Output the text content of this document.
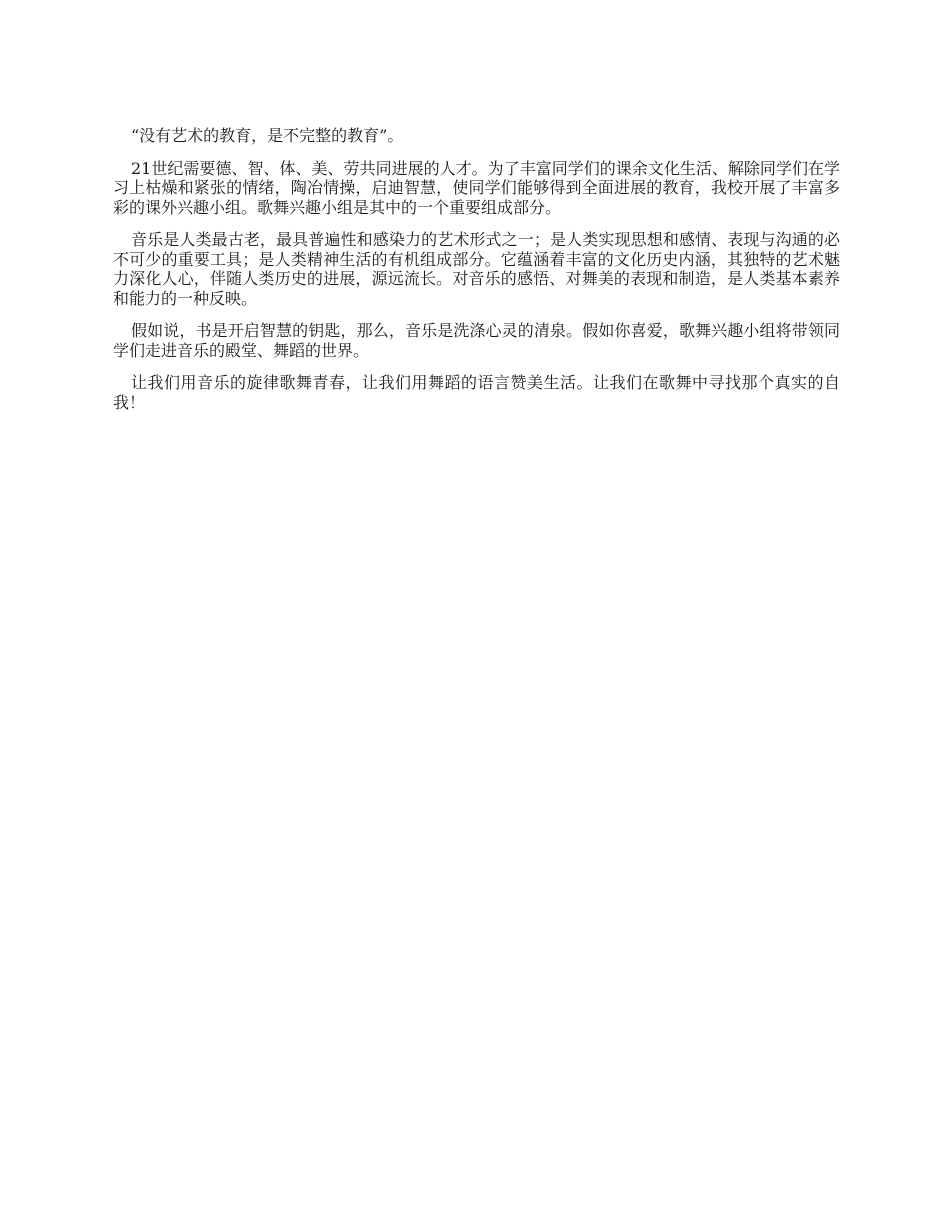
“没有艺术的教育，是不完整的教育”。

21世纪需要德、智、体、美、劳共同进展的人才。为了丰富同学们的课余文化生活、解除同学们在学习上枯燥和紧张的情绪，陶冶情操，启迪智慧，使同学们能够得到全面进展的教育，我校开展了丰富多彩的课外兴趣小组。歌舞兴趣小组是其中的一个重要组成部分。

音乐是人类最古老，最具普遍性和感染力的艺术形式之一；是人类实现思想和感情、表现与沟通的必不可少的重要工具；是人类精神生活的有机组成部分。它蕴涵着丰富的文化历史内涵，其独特的艺术魅力深化人心，伴随人类历史的进展，源远流长。对音乐的感悟、对舞美的表现和制造，是人类基本素养和能力的一种反映。

假如说，书是开启智慧的钥匙，那么，音乐是洗涤心灵的清泉。假如你喜爱，歌舞兴趣小组将带领同学们走进音乐的殿堂、舞蹈的世界。

让我们用音乐的旋律歌舞青春，让我们用舞蹈的语言赞美生活。让我们在歌舞中寻找那个真实的自我！
